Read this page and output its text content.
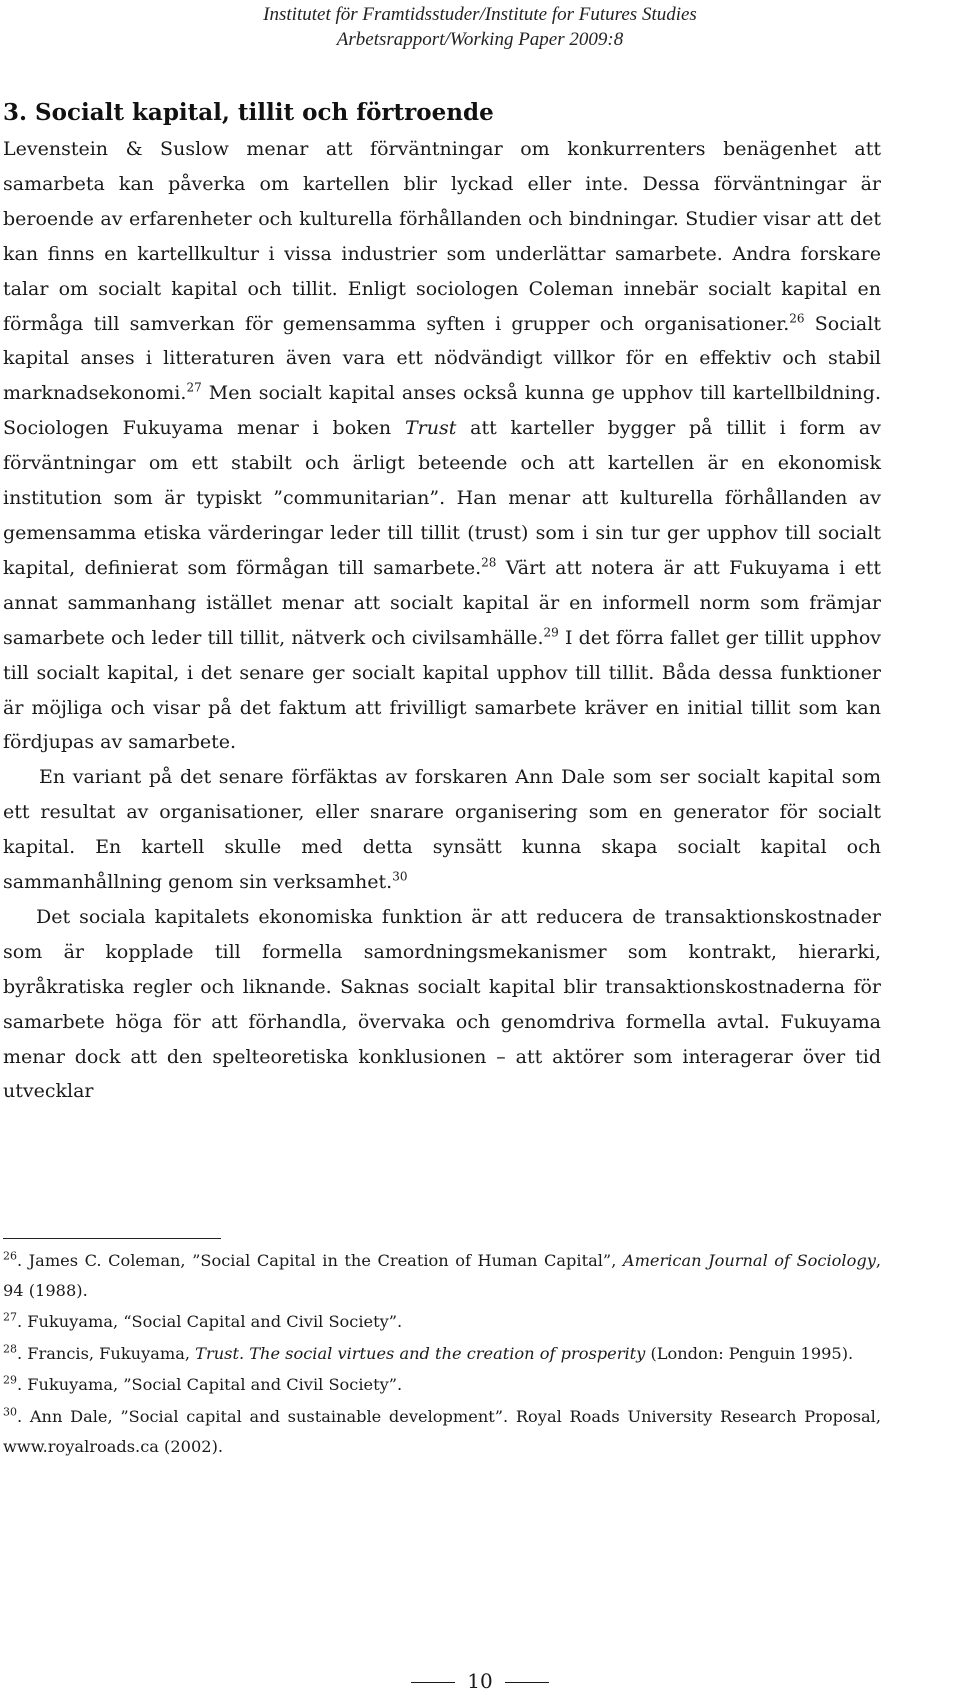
Institutet för Framtidsstuder/Institute for Futures Studies
Arbetsrapport/Working Paper 2009:8
3. Socialt kapital, tillit och förtroende

Levenstein & Suslow menar att förväntningar om konkurrenters benägenhet att samarbeta kan påverka om kartellen blir lyckad eller inte. Dessa förväntningar är beroende av erfarenheter och kulturella förhållanden och bindningar. Studier visar att det kan finns en kartellkultur i vissa industrier som underlättar samarbete. Andra forskare talar om socialt kapital och tillit. Enligt sociologen Coleman innebär socialt kapital en förmåga till samverkan för gemensamma syften i grupper och organisationer.$^{26}$ Socialt kapital anses i litteraturen även vara ett nödvändigt villkor för en effektiv och stabil marknadsekonomi.$^{27}$ Men socialt kapital anses också kunna ge upphov till kartellbildning. Sociologen Fukuyama menar i boken Trust att karteller bygger på tillit i form av förväntningar om ett stabilt och ärligt beteende och att kartellen är en ekonomisk institution som är typiskt ”communitarian”. Han menar att kulturella förhållanden av gemensamma etiska värderingar leder till tillit (trust) som i sin tur ger upphov till socialt kapital, definierat som förmågan till samarbete.$^{28}$ Värt att notera är att Fukuyama i ett annat sammanhang istället menar att socialt kapital är en informell norm som främjar samarbete och leder till tillit, nätverk och civilsamhälle.$^{29}$ I det förra fallet ger tillit upphov till socialt kapital, i det senare ger socialt kapital upphov till tillit. Båda dessa funktioner är möjliga och visar på det faktum att frivilligt samarbete kräver en initial tillit som kan fördjupas av samarbete.

En variant på det senare förfäktas av forskaren Ann Dale som ser socialt kapital som ett resultat av organisationer, eller snarare organisering som en generator för socialt kapital. En kartell skulle med detta synsätt kunna skapa socialt kapital och sammanhållning genom sin verksamhet.$^{30}$

Det sociala kapitalets ekonomiska funktion är att reducera de transaktionskostnader som är kopplade till formella samordningsmekanismer som kontrakt, hierarki, byråkratiska regler och liknande. Saknas socialt kapital blir transaktionskostnaderna för samarbete höga för att förhandla, övervaka och genomdriva formella avtal. Fukuyama menar dock att den spelteoretiska konklusionen – att aktörer som interagerar över tid utvecklar

$^{26}$. James C. Coleman, ”Social Capital in the Creation of Human Capital”, American Journal of Sociology, 94 (1988).
$^{27}$. Fukuyama, “Social Capital and Civil Society”.
$^{28}$. Francis, Fukuyama, Trust. The social virtues and the creation of prosperity (London: Penguin 1995).
$^{29}$. Fukuyama, ”Social Capital and Civil Society”.
$^{30}$. Ann Dale, ”Social capital and sustainable development”. Royal Roads University Research Proposal, www.royalroads.ca (2002).
10
